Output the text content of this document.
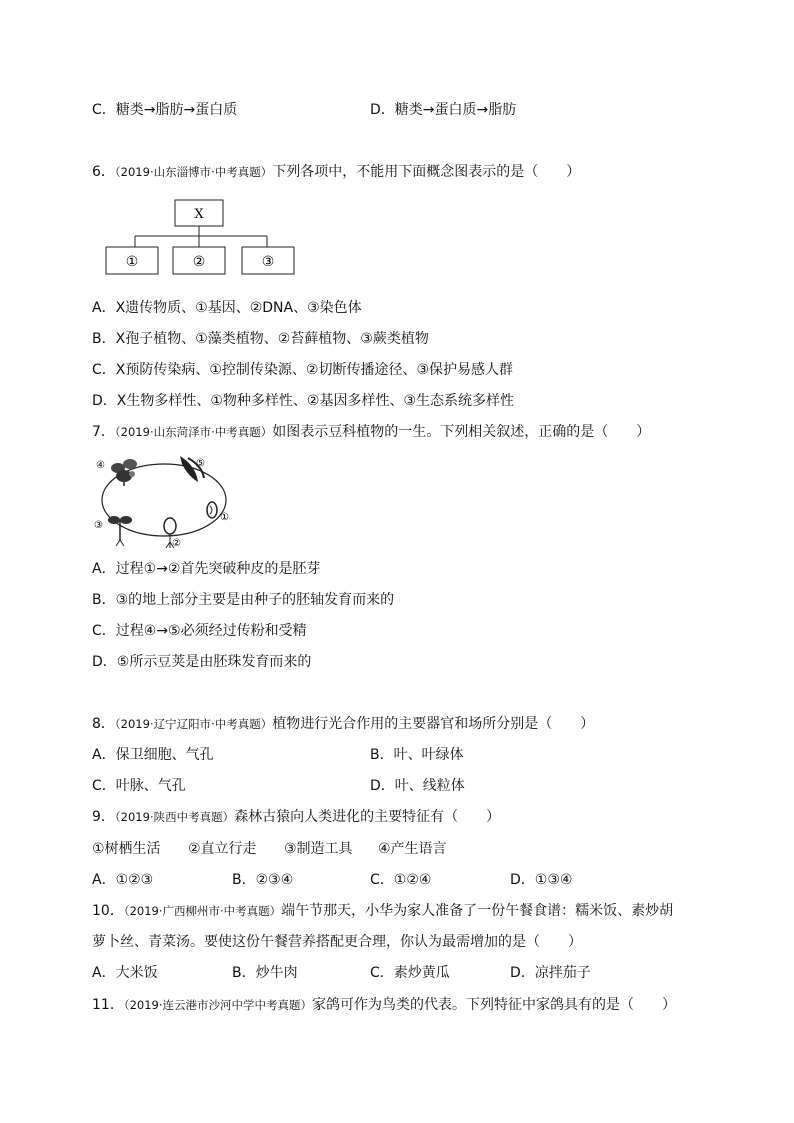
C．糖类→脂肪→蛋白质	D．糖类→蛋白质→脂肪
6．（2019·山东淄博市·中考真题）下列各项中，不能用下面概念图表示的是（　　）
X
①	②	③
A．X遗传物质、①基因、②DNA、③染色体
B．X孢子植物、①藻类植物、②苔藓植物、③蕨类植物
C．X预防传染病、①控制传染源、②切断传播途径、③保护易感人群
D．X生物多样性、①物种多样性、②基因多样性、③生态系统多样性
7．（2019·山东菏泽市·中考真题）如图表示豆科植物的一生。下列相关叙述，正确的是（　　）
④	⑤
①
②
③
A．过程①→②首先突破种皮的是胚芽
B．③的地上部分主要是由种子的胚轴发育而来的
C．过程④→⑤必须经过传粉和受精
D．⑤所示豆荚是由胚珠发育而来的
8．（2019·辽宁辽阳市·中考真题）植物进行光合作用的主要器官和场所分别是（　　）
A．保卫细胞、气孔	B．叶、叶绿体
C．叶脉、气孔	D．叶、线粒体
9．（2019·陕西中考真题）森林古猿向人类进化的主要特征有（　　）
①树栖生活 ②直立行走 ③制造工具 ④产生语言
A．①②③	B．②③④	C．①②④	D．①③④
10．（2019·广西柳州市·中考真题）端午节那天，小华为家人准备了一份午餐食谱：糯米饭、素炒胡
萝卜丝、青菜汤。要使这份午餐营养搭配更合理，你认为最需增加的是（　　）
A．大米饭	B．炒牛肉	C．素炒黄瓜	D．凉拌茄子
11．（2019·连云港市沙河中学中考真题）家鸽可作为鸟类的代表。下列特征中家鸽具有的是（　　）
